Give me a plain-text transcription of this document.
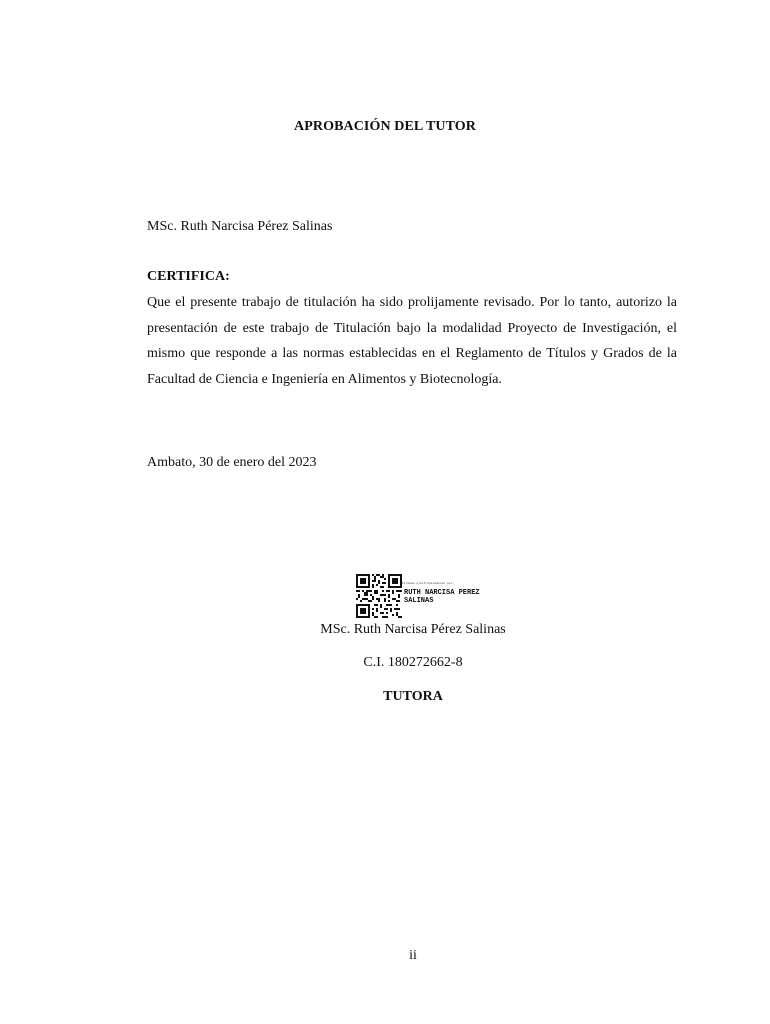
APROBACIÓN DEL TUTOR
MSc. Ruth Narcisa Pérez Salinas
CERTIFICA:
Que el presente trabajo de titulación ha sido prolijamente revisado. Por lo tanto, autorizo la presentación de este trabajo de Titulación bajo la modalidad Proyecto de Investigación, el mismo que responde a las normas establecidas en el Reglamento de Títulos y Grados de la Facultad de Ciencia e Ingeniería en Alimentos y Biotecnología.
Ambato, 30 de enero del 2023
Firmado electrónicamente por:
RUTH NARCISA PEREZ
SALINAS
MSc. Ruth Narcisa Pérez Salinas
C.I. 180272662-8
TUTORA
ii
